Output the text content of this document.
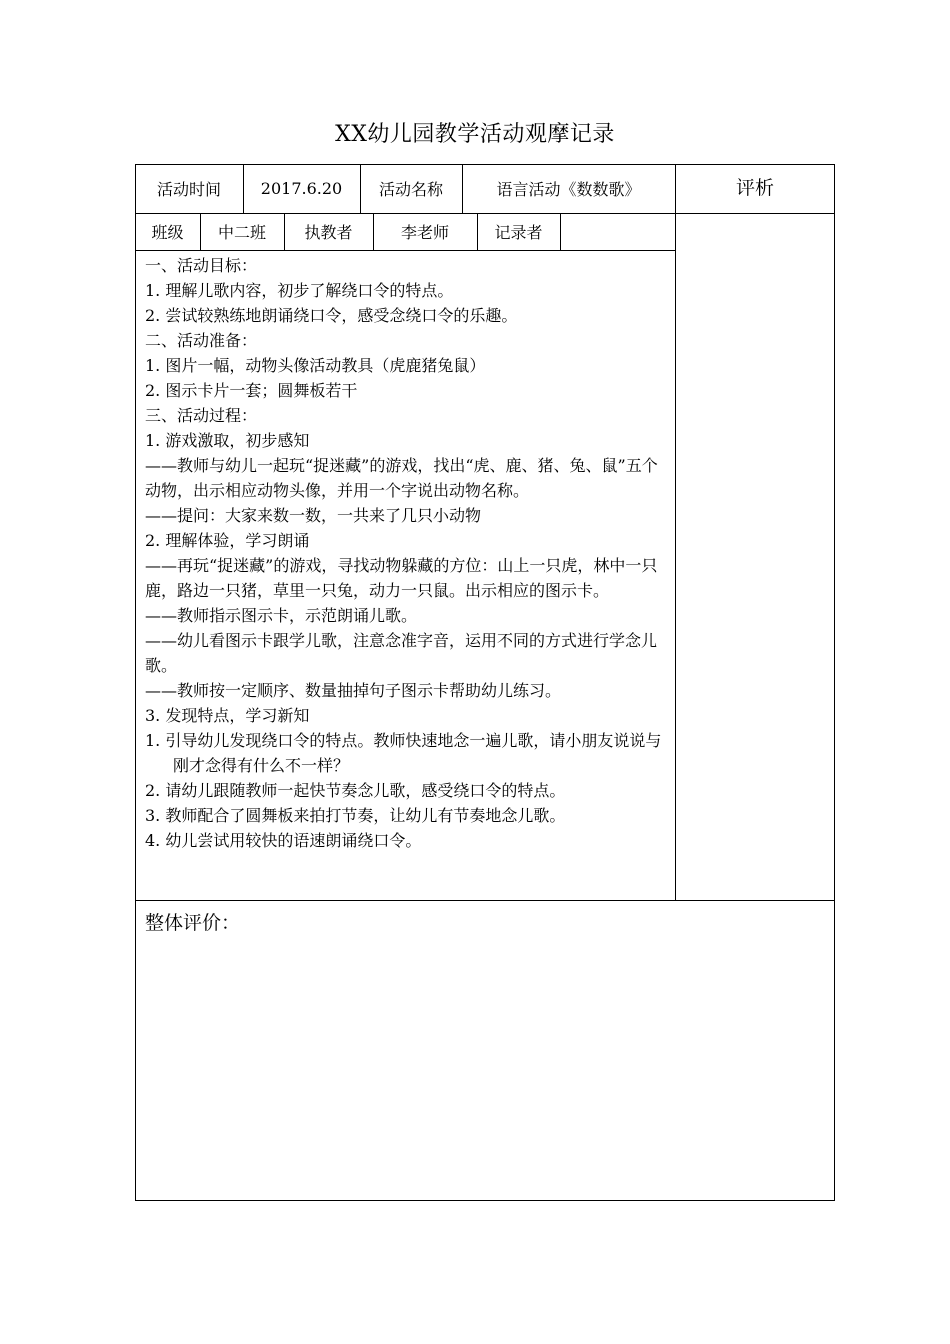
XX幼儿园教学活动观摩记录
活动时间	2017.6.20	活动名称	语言活动《数数歌》	评析
班级	中二班	执教者	李老师	记录者
一、活动目标：
1. 理解儿歌内容，初步了解绕口令的特点。
2. 尝试较熟练地朗诵绕口令，感受念绕口令的乐趣。
二、活动准备：
1. 图片一幅，动物头像活动教具（虎鹿猪兔鼠）
2. 图示卡片一套；圆舞板若干
三、活动过程：
1. 游戏激取，初步感知
——教师与幼儿一起玩“捉迷藏”的游戏，找出“虎、鹿、猪、兔、鼠”五个动物，出示相应动物头像，并用一个字说出动物名称。
——提问：大家来数一数，一共来了几只小动物
2. 理解体验，学习朗诵
——再玩“捉迷藏”的游戏，寻找动物躲藏的方位：山上一只虎，林中一只鹿，路边一只猪，草里一只兔，动力一只鼠。出示相应的图示卡。
——教师指示图示卡，示范朗诵儿歌。
——幼儿看图示卡跟学儿歌，注意念准字音，运用不同的方式进行学念儿歌。
——教师按一定顺序、数量抽掉句子图示卡帮助幼儿练习。
3. 发现特点，学习新知
1. 引导幼儿发现绕口令的特点。教师快速地念一遍儿歌，请小朋友说说与刚才念得有什么不一样？
2. 请幼儿跟随教师一起快节奏念儿歌，感受绕口令的特点。
3. 教师配合了圆舞板来拍打节奏，让幼儿有节奏地念儿歌。
4. 幼儿尝试用较快的语速朗诵绕口令。
整体评价：
